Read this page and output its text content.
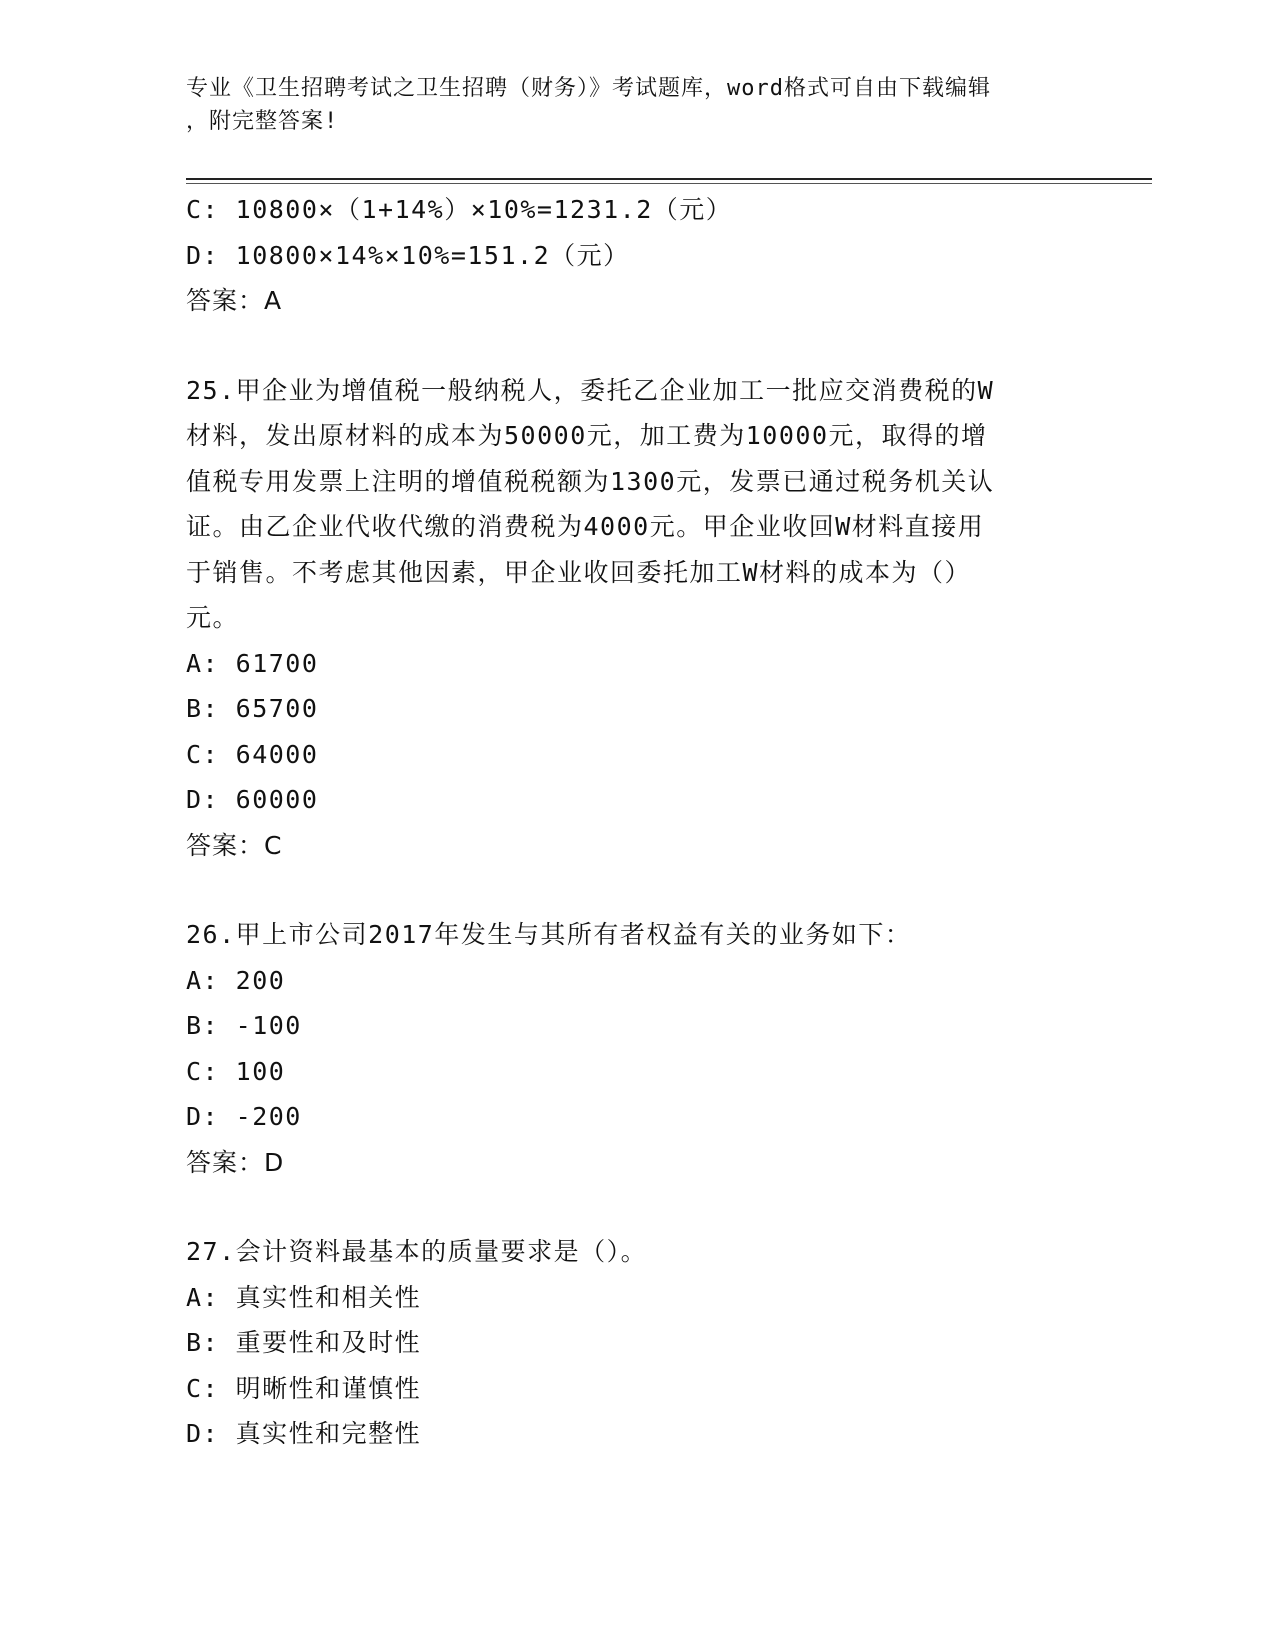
专业《卫生招聘考试之卫生招聘（财务）》考试题库，word格式可自由下载编辑
，附完整答案!
C: 10800×（1+14%）×10%=1231.2（元）
D: 10800×14%×10%=151.2（元）
答案：A
25.甲企业为增值税一般纳税人，委托乙企业加工一批应交消费税的W
材料，发出原材料的成本为50000元，加工费为10000元，取得的增
值税专用发票上注明的增值税税额为1300元，发票已通过税务机关认
证。由乙企业代收代缴的消费税为4000元。甲企业收回W材料直接用
于销售。不考虑其他因素，甲企业收回委托加工W材料的成本为（）
元。
A: 61700
B: 65700
C: 64000
D: 60000
答案：C
26.甲上市公司2017年发生与其所有者权益有关的业务如下：
A: 200
B: -100
C: 100
D: -200
答案：D
27.会计资料最基本的质量要求是（）。
A: 真实性和相关性
B: 重要性和及时性
C: 明晰性和谨慎性
D: 真实性和完整性
